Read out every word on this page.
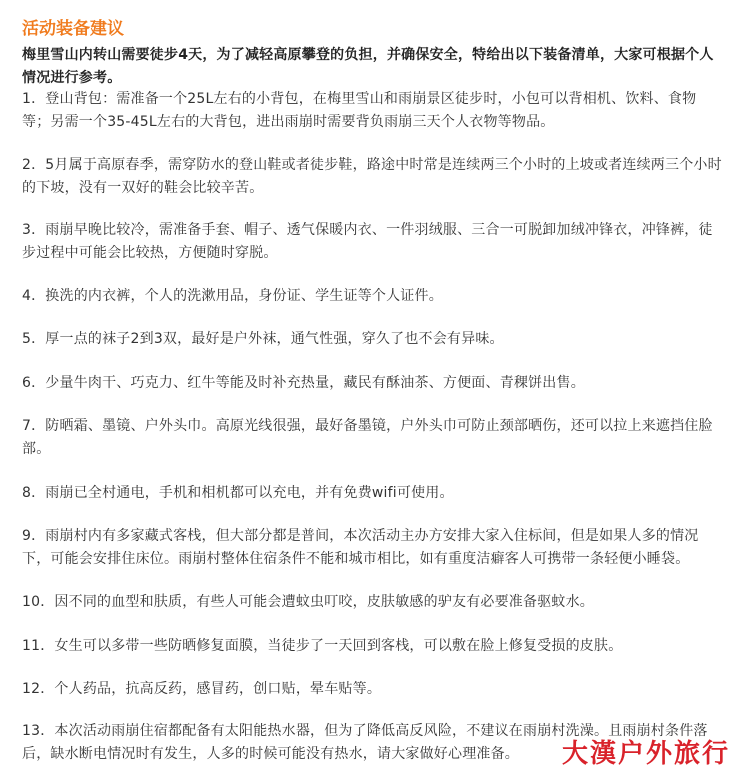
活动装备建议
梅里雪山内转山需要徒步4天，为了减轻高原攀登的负担，并确保安全，特给出以下装备清单，大家可根据个人情况进行参考。
1．登山背包：需准备一个25L左右的小背包，在梅里雪山和雨崩景区徒步时，小包可以背相机、饮料、食物等；另需一个35-45L左右的大背包，进出雨崩时需要背负雨崩三天个人衣物等物品。
2．5月属于高原春季，需穿防水的登山鞋或者徒步鞋，路途中时常是连续两三个小时的上坡或者连续两三个小时的下坡，没有一双好的鞋会比较辛苦。
3．雨崩早晚比较冷，需准备手套、帽子、透气保暖内衣、一件羽绒服、三合一可脱卸加绒冲锋衣，冲锋裤，徒步过程中可能会比较热，方便随时穿脱。
4．换洗的内衣裤，个人的洗漱用品，身份证、学生证等个人证件。
5．厚一点的袜子2到3双，最好是户外袜，通气性强，穿久了也不会有异味。
6．少量牛肉干、巧克力、红牛等能及时补充热量，藏民有酥油茶、方便面、青稞饼出售。
7．防晒霜、墨镜、户外头巾。高原光线很强，最好备墨镜，户外头巾可防止颈部晒伤，还可以拉上来遮挡住脸部。
8．雨崩已全村通电，手机和相机都可以充电，并有免费wifi可使用。
9．雨崩村内有多家藏式客栈，但大部分都是普间，本次活动主办方安排大家入住标间，但是如果人多的情况下，可能会安排住床位。雨崩村整体住宿条件不能和城市相比，如有重度洁癖客人可携带一条轻便小睡袋。
10．因不同的血型和肤质，有些人可能会遭蚊虫叮咬，皮肤敏感的驴友有必要准备驱蚊水。
11．女生可以多带一些防晒修复面膜，当徒步了一天回到客栈，可以敷在脸上修复受损的皮肤。
12．个人药品，抗高反药，感冒药，创口贴，晕车贴等。
13．本次活动雨崩住宿都配备有太阳能热水器，但为了降低高反风险，不建议在雨崩村洗澡。且雨崩村条件落后，缺水断电情况时有发生，人多的时候可能没有热水，请大家做好心理准备。	大漢户外旅行
